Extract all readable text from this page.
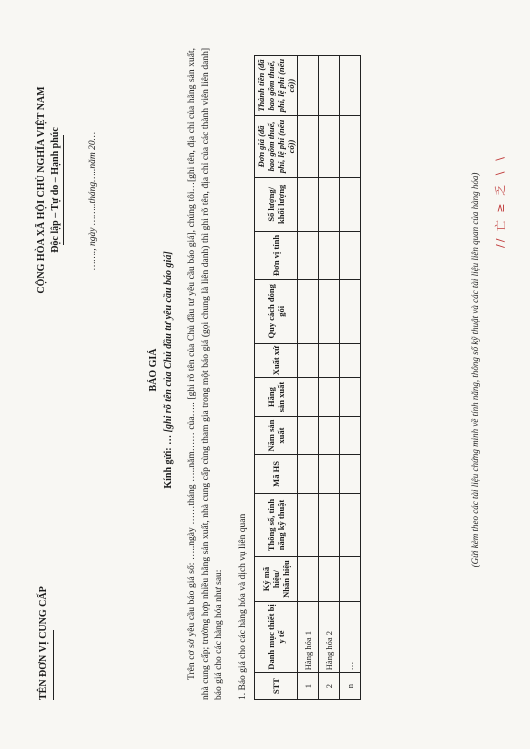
TÊN ĐƠN VỊ CUNG CẤP
CỘNG HÒA XÃ HỘI CHỦ NGHĨA VIỆT NAM Độc lập – Tự do – Hạnh phúc	……., ngày ……..tháng…..năm 20…
BÁO GIÁ
Kính gửi: … [ghi rõ tên của Chủ đầu tư yêu cầu báo giá] Trên cơ sở yêu cầu báo giá số: …..ngày ……tháng …..năm…… của….. [ghi rõ tên của Chủ đầu tư yêu cầu báo giá], chúng tôi…[ghi tên, địa chỉ của hãng sản xuất, nhà cung cấp; trường hợp nhiều hãng sản xuất, nhà cung cấp cùng tham gia trong một báo giá (gọi chung là liên danh) thì ghi rõ tên, địa chỉ của các thành viên liên danh] báo giá cho các hàng hóa như sau: 1. Báo giá cho các hàng hóa và dịch vụ liên quan	STT	Danh mục thiết bị y tế	Ký mã hiệu/ Nhãn hiệu	Thông số, tính năng kỹ thuật	Mã HS	Năm sản xuất	Hãng sản xuất	Xuất xứ	Quy cách đóng gói	Đơn vị tính	Số lượng/ khối lượng	Đơn giá (đã bao gồm thuế, phí, lệ phí (nếu có))	Thành tiền (đã bao gồm thuế, phí, lệ phí (nếu có))
1	Hàng hóa 1											
2	Hàng hóa 2											
n	…											
(Gửi kèm theo các tài liệu chứng minh về tính năng, thông số kỹ thuật và các tài liệu liên quan của hàng hóa) // 亡 ≥ 乏 ∖ ∖
